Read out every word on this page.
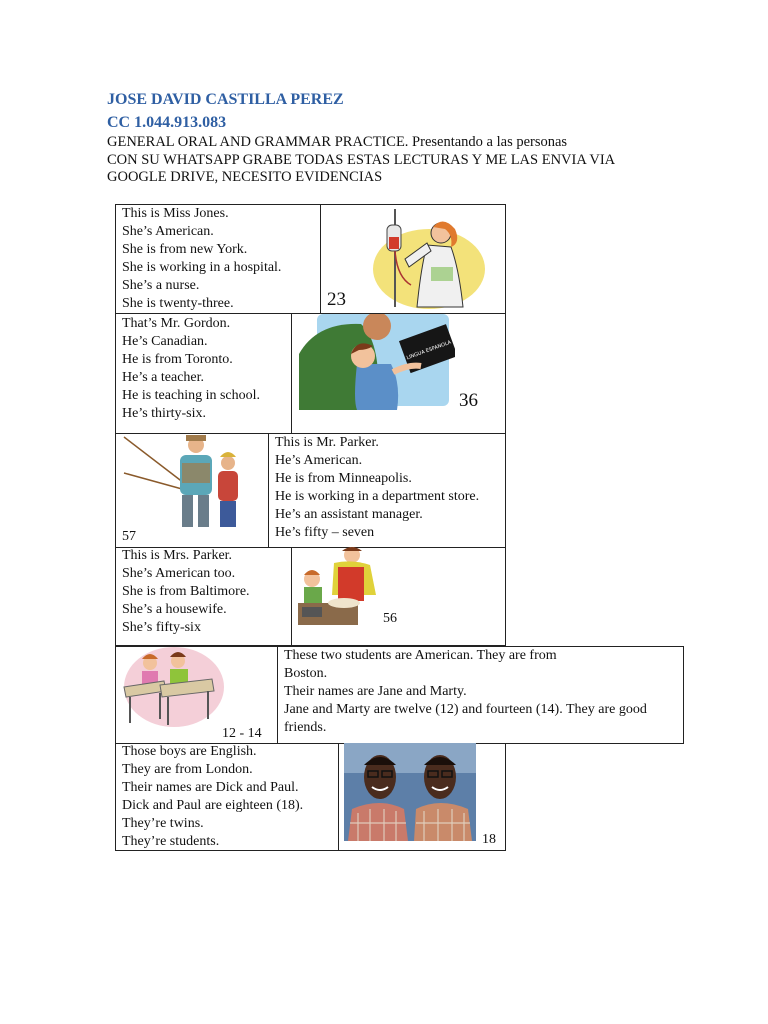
JOSE DAVID CASTILLA PEREZ
CC 1.044.913.083
GENERAL ORAL AND GRAMMAR PRACTICE. Presentando a las personas
CON SU WHATSAPP GRABE TODAS ESTAS LECTURAS Y ME LAS ENVIA VIA
GOOGLE DRIVE, NECESITO EVIDENCIAS
This is Miss Jones.
She’s American.
She is from new York.
She is working in a hospital.
She’s a nurse.
She is twenty-three.	23
That’s Mr. Gordon.
He’s Canadian.
He is from Toronto.
He’s a teacher.
He is teaching in school.
He’s thirty-six.
36
LINGUA ESPANOLA
57
This is Mr. Parker.
He’s American.
He is from Minneapolis.
He is working in a department store.
He’s an assistant manager.
He’s fifty – seven
This is Mrs. Parker.
She’s American too.
She is from Baltimore.
She’s a housewife.
She’s fifty-six
56
12 - 14
These two students are American. They are from
Boston.
Their names are Jane and Marty.
Jane and Marty are twelve (12) and fourteen (14). They are good
friends.
Those boys are English.
They are from London.
Their names are Dick and Paul.
Dick and Paul are eighteen (18).
They’re twins.
They’re students.	18
